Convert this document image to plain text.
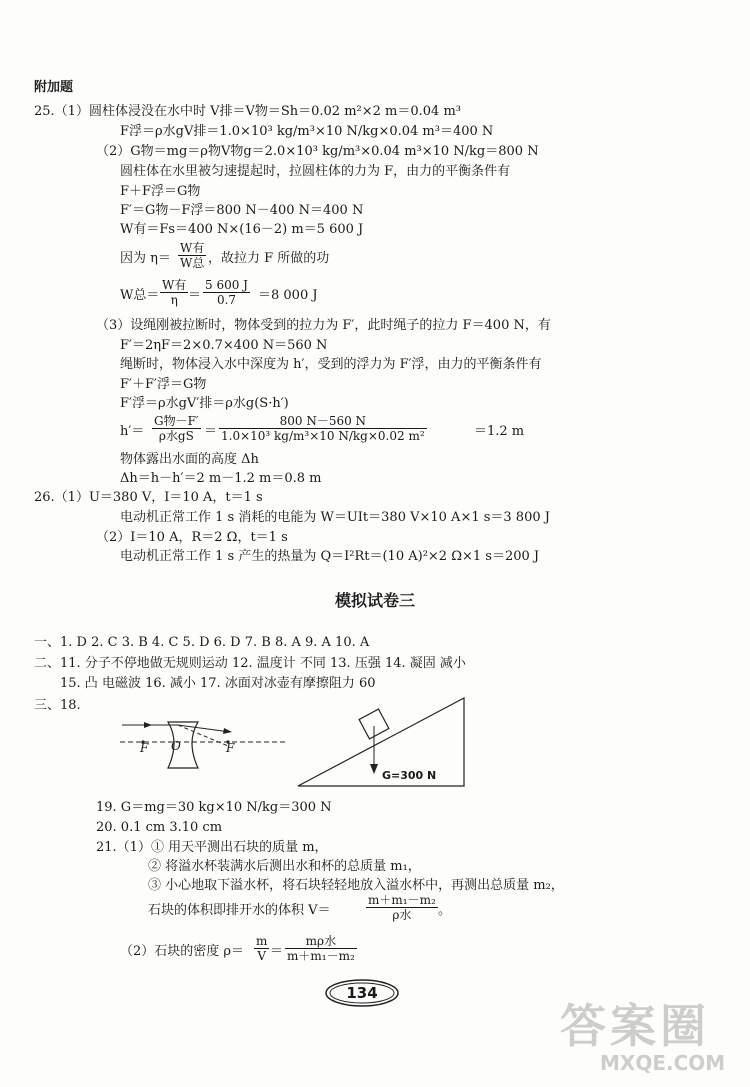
附加题
25.（1）圆柱体浸没在水中时 V排＝V物＝Sh＝0.02 m²×2 m＝0.04 m³
F浮＝ρ水gV排＝1.0×10³ kg/m³×10 N/kg×0.04 m³＝400 N
（2）G物＝mg＝ρ物V物g＝2.0×10³ kg/m³×0.04 m³×10 N/kg＝800 N
圆柱体在水里被匀速提起时，拉圆柱体的力为 F，由力的平衡条件有
F＋F浮＝G物
F′＝G物－F浮＝800 N－400 N＝400 N
W有＝Fs＝400 N×(16－2) m＝5 600 J
因为 η＝
W有
W总 ，故拉力 F 所做的功
W总＝
W有
$\eta = \frac{5 600 J}{0.7} =8$ 000 J
（3）设绳刚被拉断时，物体受到的拉力为 F′，此时绳子的拉力 F＝400 N，有
F′＝2ηF＝2×0.7×400 N＝560 N
绳断时，物体浸入水中深度为 h′，受到的浮力为 F′浮，由力的平衡条件有
F′＋F′浮＝G物
F′浮＝ρ水gV′排＝ρ水g(S·h′)
h′＝
G物－F′
ρ水gS ＝ $\frac{800 N-560 N}{\text{1.0×10³ kg/m³×10 N/kg×0.02 m²}}$	＝1.2 m
物体露出水面的高度 Δh
Δh＝h－h′＝2 m－1.2 m＝0.8 m
26.（1）U＝380 V，I＝10 A，t＝1 s
电动机正常工作 1 s 消耗的电能为 W＝UIt＝380 V×10 A×1 s＝3 800 J
（2）I＝10 A，R＝2 Ω，t＝1 s
电动机正常工作 1 s 产生的热量为 Q＝I²Rt＝(10 A)²×2 Ω×1 s＝200 J
模拟试卷三
一、1. D 2. C 3. B 4. C 5. D 6. D 7. B 8. A 9. A 10. A
二、11. 分子不停地做无规则运动 12. 温度计 不同 13. 压强 14. 凝固 减小
15. 凸 电磁波 16. 减小 17. 冰面对冰壶有摩擦阻力 60
三、18.
F O	F
G=300 N
19. G＝mg＝30 kg×10 N/kg＝300 N
20. 0.1 cm 3.10 cm
21.（1）① 用天平测出石块的质量 m，
② 将溢水杯装满水后测出水和杯的总质量 m₁，
③ 小心地取下溢水杯，将石块轻轻地放入溢水杯中，再测出总质量 m₂，
石块的体积即排开水的体积 V＝
m＋m₁－m₂
ρ水	。
（2）石块的密度 $\rho= \frac{m}{V}$ ＝
mρ水
m＋m₁－m₂
134
答案圈
MXQE.COM
